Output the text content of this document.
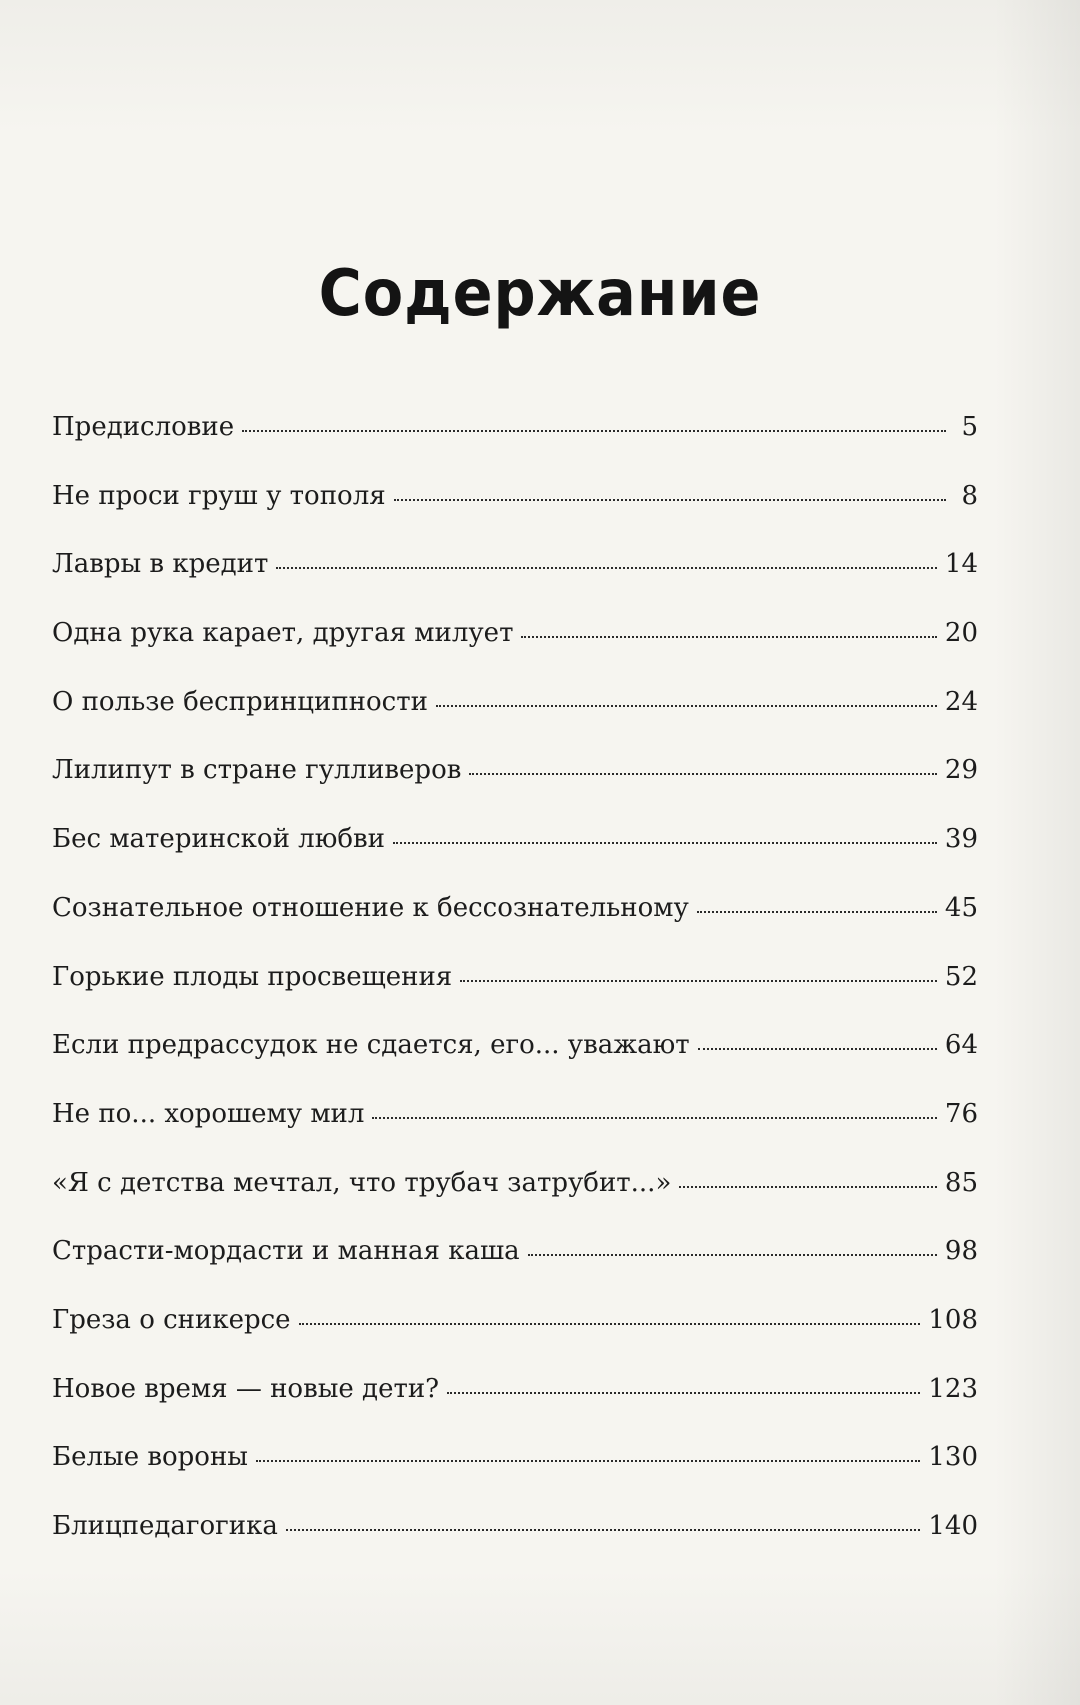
Содержание
Предисловие	5
Не проси груш у тополя	8
Лавры в кредит	14
Одна рука карает, другая милует	20
О пользе беспринципности	24
Лилипут в стране гулливеров	29
Бес материнской любви	39
Сознательное отношение к бессознательному	45
Горькие плоды просвещения	52
Если предрассудок не сдается, его... уважают	64
Не по... хорошему мил	76
«Я с детства мечтал, что трубач затрубит...»	85
Страсти-мордасти и манная каша	98
Греза о сникерсе	108
Новое время — новые дети?	123
Белые вороны	130
Блицпедагогика	140
